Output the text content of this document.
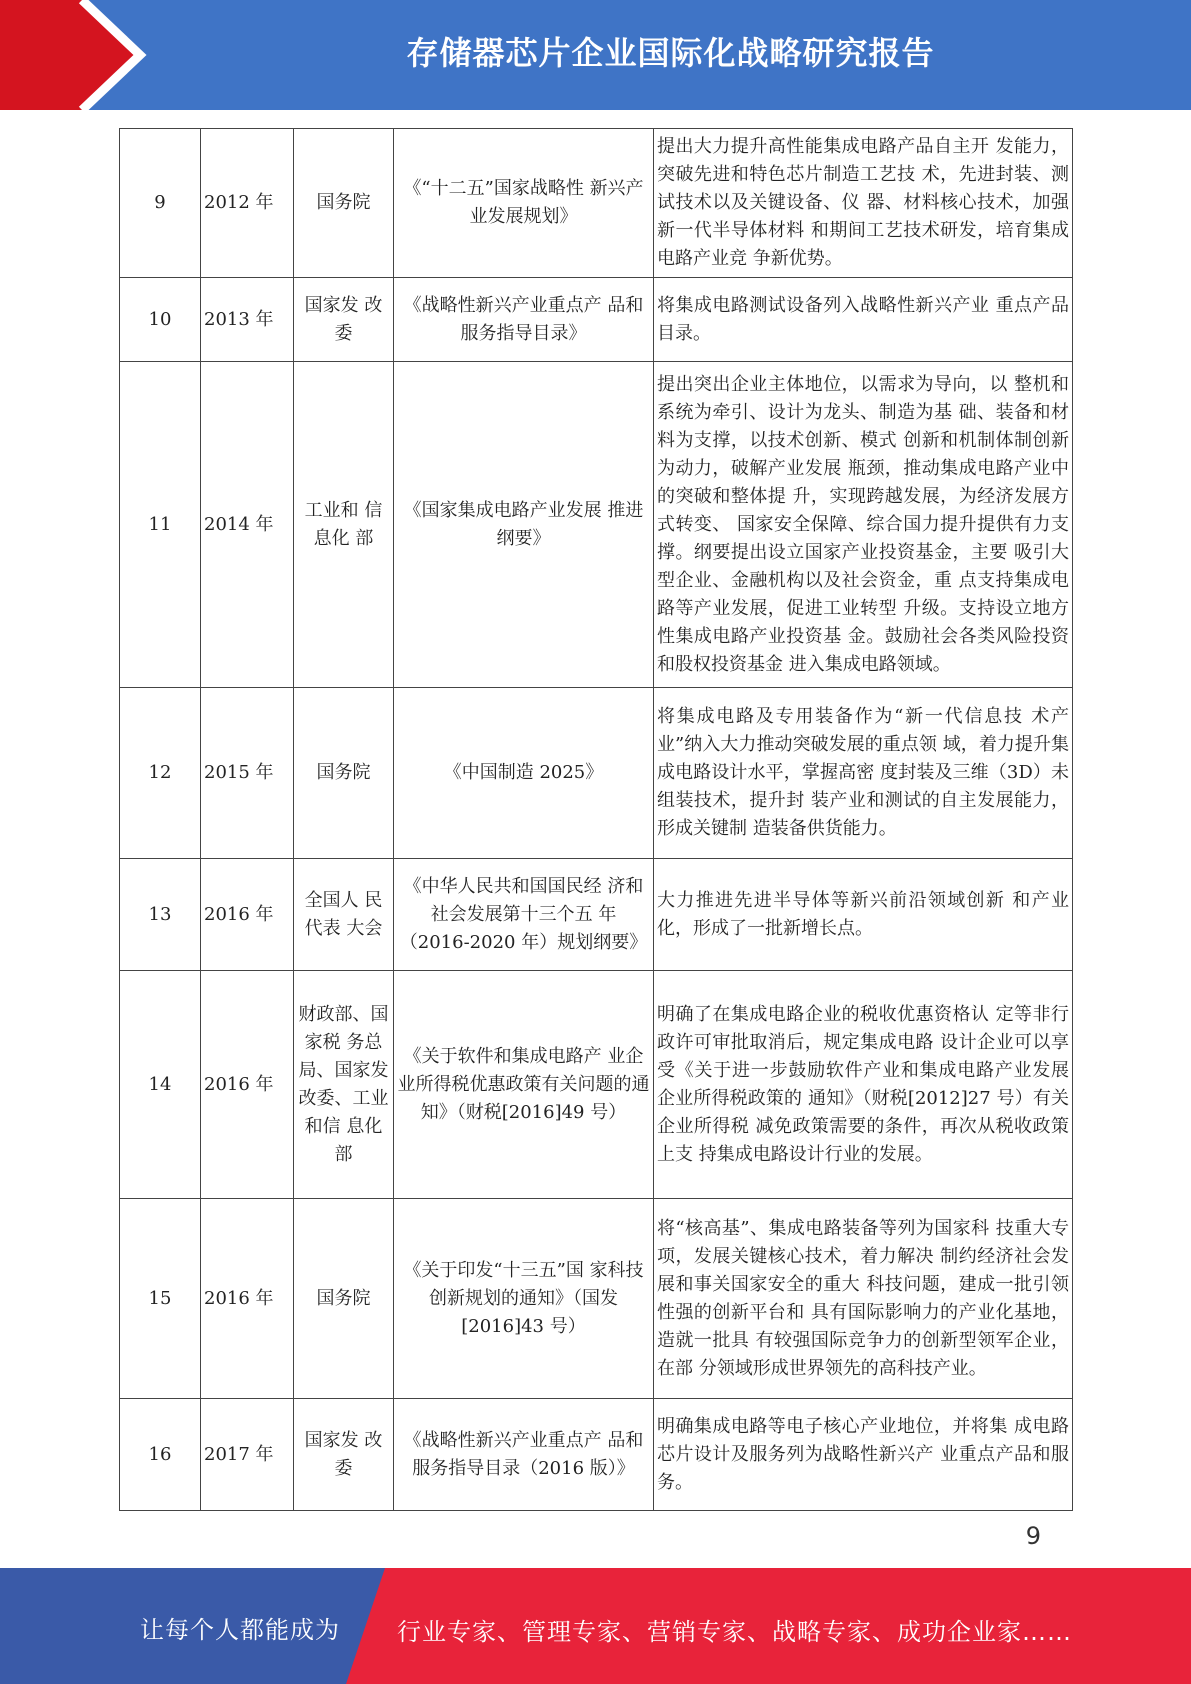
存储器芯片企业国际化战略研究报告
9	2012 年	国务院	《“十二五”国家战略性 新兴产业发展规划》	提出大力提升高性能集成电路产品自主开 发能力，突破先进和特色芯片制造工艺技 术，先进封装、测试技术以及关键设备、仪 器、材料核心技术，加强新一代半导体材料 和期间工艺技术研发，培育集成电路产业竞 争新优势。
10	2013 年	国家发 改委	《战略性新兴产业重点产 品和服务指导目录》	将集成电路测试设备列入战略性新兴产业 重点产品目录。
11	2014 年	工业和 信息化 部	《国家集成电路产业发展 推进纲要》	提出突出企业主体地位，以需求为导向，以 整机和系统为牵引、设计为龙头、制造为基 础、装备和材料为支撑，以技术创新、模式 创新和机制体制创新为动力，破解产业发展 瓶颈，推动集成电路产业中的突破和整体提 升，实现跨越发展，为经济发展方式转变、 国家安全保障、综合国力提升提供有力支 撑。纲要提出设立国家产业投资基金，主要 吸引大型企业、金融机构以及社会资金，重 点支持集成电路等产业发展，促进工业转型 升级。支持设立地方性集成电路产业投资基 金。鼓励社会各类风险投资和股权投资基金 进入集成电路领域。
12	2015 年	国务院	《中国制造 2025》	将集成电路及专用装备作为“新一代信息技 术产业”纳入大力推动突破发展的重点领 域，着力提升集成电路设计水平，掌握高密 度封装及三维（3D）未组装技术，提升封 装产业和测试的自主发展能力，形成关键制 造装备供货能力。
13	2016 年	全国人 民代表 大会	《中华人民共和国国民经 济和社会发展第十三个五 年（2016-2020 年）规划纲要》	大力推进先进半导体等新兴前沿领域创新 和产业化，形成了一批新增长点。
14	2016 年	财政部、国家税 务总局、国家发 改委、工业和信 息化部	《关于软件和集成电路产 业企业所得税优惠政策有关问题的通知》（财税[2016]49 号）	明确了在集成电路企业的税收优惠资格认 定等非行政许可审批取消后，规定集成电路 设计企业可以享受《关于进一步鼓励软件产业和集成电路产业发展企业所得税政策的 通知》（财税[2012]27 号）有关企业所得税 减免政策需要的条件，再次从税收政策上支 持集成电路设计行业的发展。
15	2016 年	国务院	《关于印发“十三五”国 家科技创新规划的通知》（国发[2016]43 号）	将“核高基”、集成电路装备等列为国家科 技重大专项，发展关键核心技术，着力解决 制约经济社会发展和事关国家安全的重大 科技问题，建成一批引领性强的创新平台和 具有国际影响力的产业化基地，造就一批具 有较强国际竞争力的创新型领军企业，在部 分领域形成世界领先的高科技产业。
16	2017 年	国家发 改委	《战略性新兴产业重点产 品和服务指导目录（2016 版）》	明确集成电路等电子核心产业地位，并将集 成电路芯片设计及服务列为战略性新兴产 业重点产品和服务。
9
让每个人都能成为 行业专家、管理专家、营销专家、战略专家、成功企业家……
